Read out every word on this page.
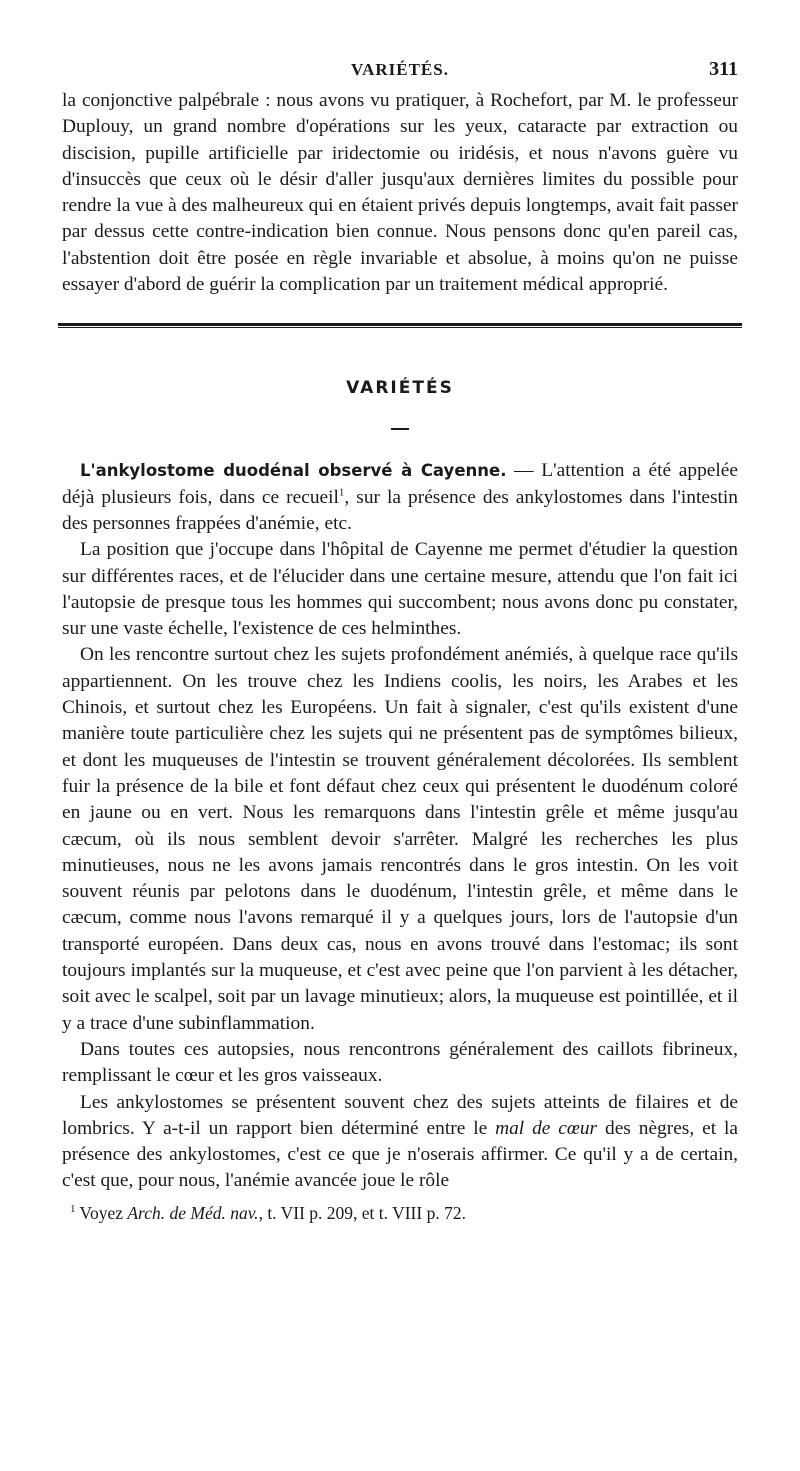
VARIÉTÉS.	311

la conjonctive palpébrale : nous avons vu pratiquer, à Rochefort, par M. le professeur Duplouy, un grand nombre d'opérations sur les yeux, cataracte par extraction ou discision, pupille artificielle par iridectomie ou iridésis, et nous n'avons guère vu d'insuccès que ceux où le désir d'aller jusqu'aux dernières limites du possible pour rendre la vue à des malheureux qui en étaient privés depuis longtemps, avait fait passer par dessus cette contre-indication bien connue. Nous pensons donc qu'en pareil cas, l'abstention doit être posée en règle invariable et absolue, à moins qu'on ne puisse essayer d'abord de guérir la complication par un traitement médical approprié.

VARIÉTÉS

L'ankylostome duodénal observé à Cayenne. — L'attention a été appelée déjà plusieurs fois, dans ce recueil$^1$, sur la présence des ankylostomes dans l'intestin des personnes frappées d'anémie, etc.

La position que j'occupe dans l'hôpital de Cayenne me permet d'étudier la question sur différentes races, et de l'élucider dans une certaine mesure, attendu que l'on fait ici l'autopsie de presque tous les hommes qui succombent; nous avons donc pu constater, sur une vaste échelle, l'existence de ces helminthes.

On les rencontre surtout chez les sujets profondément anémiés, à quelque race qu'ils appartiennent. On les trouve chez les Indiens coolis, les noirs, les Arabes et les Chinois, et surtout chez les Européens. Un fait à signaler, c'est qu'ils existent d'une manière toute particulière chez les sujets qui ne présentent pas de symptômes bilieux, et dont les muqueuses de l'intestin se trouvent généralement décolorées. Ils semblent fuir la présence de la bile et font défaut chez ceux qui présentent le duodénum coloré en jaune ou en vert. Nous les remarquons dans l'intestin grêle et même jusqu'au cæcum, où ils nous semblent devoir s'arrêter. Malgré les recherches les plus minutieuses, nous ne les avons jamais rencontrés dans le gros intestin. On les voit souvent réunis par pelotons dans le duodénum, l'intestin grêle, et même dans le cæcum, comme nous l'avons remarqué il y a quelques jours, lors de l'autopsie d'un transporté européen. Dans deux cas, nous en avons trouvé dans l'estomac; ils sont toujours implantés sur la muqueuse, et c'est avec peine que l'on parvient à les détacher, soit avec le scalpel, soit par un lavage minutieux; alors, la muqueuse est pointillée, et il y a trace d'une subinflammation.

Dans toutes ces autopsies, nous rencontrons généralement des caillots fibrineux, remplissant le cœur et les gros vaisseaux.

Les ankylostomes se présentent souvent chez des sujets atteints de filaires et de lombrics. Y a-t-il un rapport bien déterminé entre le mal de cœur des nègres, et la présence des ankylostomes, c'est ce que je n'oserais affirmer. Ce qu'il y a de certain, c'est que, pour nous, l'anémie avancée joue le rôle

$^1$ Voyez Arch. de Méd. nav., t. VII p. 209, et t. VIII p. 72.
